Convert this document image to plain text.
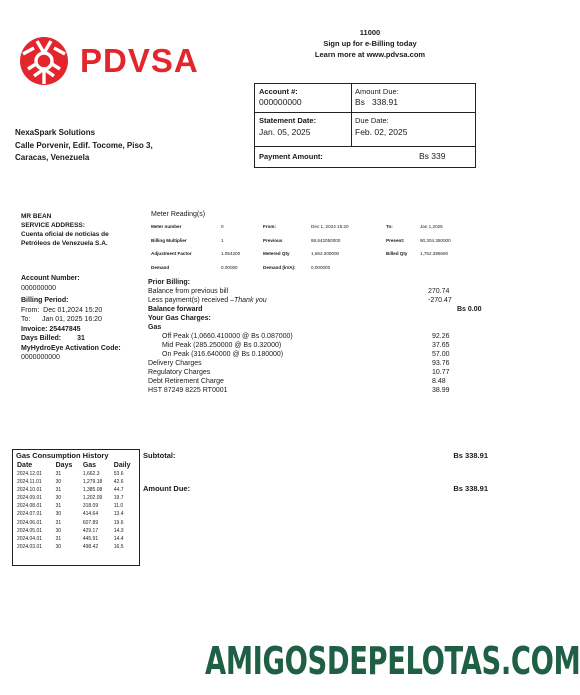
PDVSA
11000
Sign up for e-Billing today
Learn more at www.pdvsa.com
Account #:
000000000
Amount Due:
Bs   338.91
Statement Date:
Jan. 05, 2025
Due Date:
Feb. 02, 2025
Payment Amount:	Bs 339
NexaSpark Solutions
Calle Porvenir, Edif. Tocome, Piso 3,
Caracas, Venezuela
MR BEAN
SERVICE ADDRESS:
Cuenta oficial de noticias de
Petróleos de Venezuela S.A.
Meter Reading(s)
Meter number	0	From:	Dec 1, 2024 15:20	To:	Jan 1,2025
Billing Multiplier	1	Previous	88,642050000	Present:	90,304.350000
Adjustment Factor	1.054200	Metered Qty	1,662.300000	Billed Qty	1,752.396660
Demand	0.00000	Demand (kVA):	0.000000
Account Number:
000000000
Billing Period:
From:  Dec 01,2024 15:20
To:      Jan 01, 2025 16:20
Invoice: 25447845
Days Billed: 31
MyHydroEye Activation Code:
0000000000
Prior Billing:
Balance from previous bill	270.74
Less payment(s) received –Thank you	-270.47
Balance forward	Bs 0.00
Your Gas Charges:
Gas
Off Peak (1,0660.410000 @ Bs 0.087000)	92.26
Mid Peak (285.250000 @ Bs 0.32000)	37.65
On Peak (316.640000 @ Bs 0.180000)	57.00
Delivery Charges	93.76
Regulatory Charges	10.77
Debt Retirement Charge	8.48
HST 87249 8225 RT0001	38.99
Gas Consumption History
Date	Days	Gas	Daily
2024.12.01	31	1,662.3	53.6
2024.11.01	30	1,279.18	42.6
2024.10.01	31	1,385.08	44.7
2024.09.01	30	1,202.09	19.7
2024.08.01	31	318.09	11.0
2024.07.01	30	414.64	13.4
2024.06.01	31	607.89	19.6
2024.05.01	30	429.17	14.3
2024.04.01	31	445.91	14.4
2024.03.01	30	498.42	16.5
Subtotal:	Bs 338.91
Amount Due:	Bs 338.91
AMIGOSDEPELOTAS.COM
